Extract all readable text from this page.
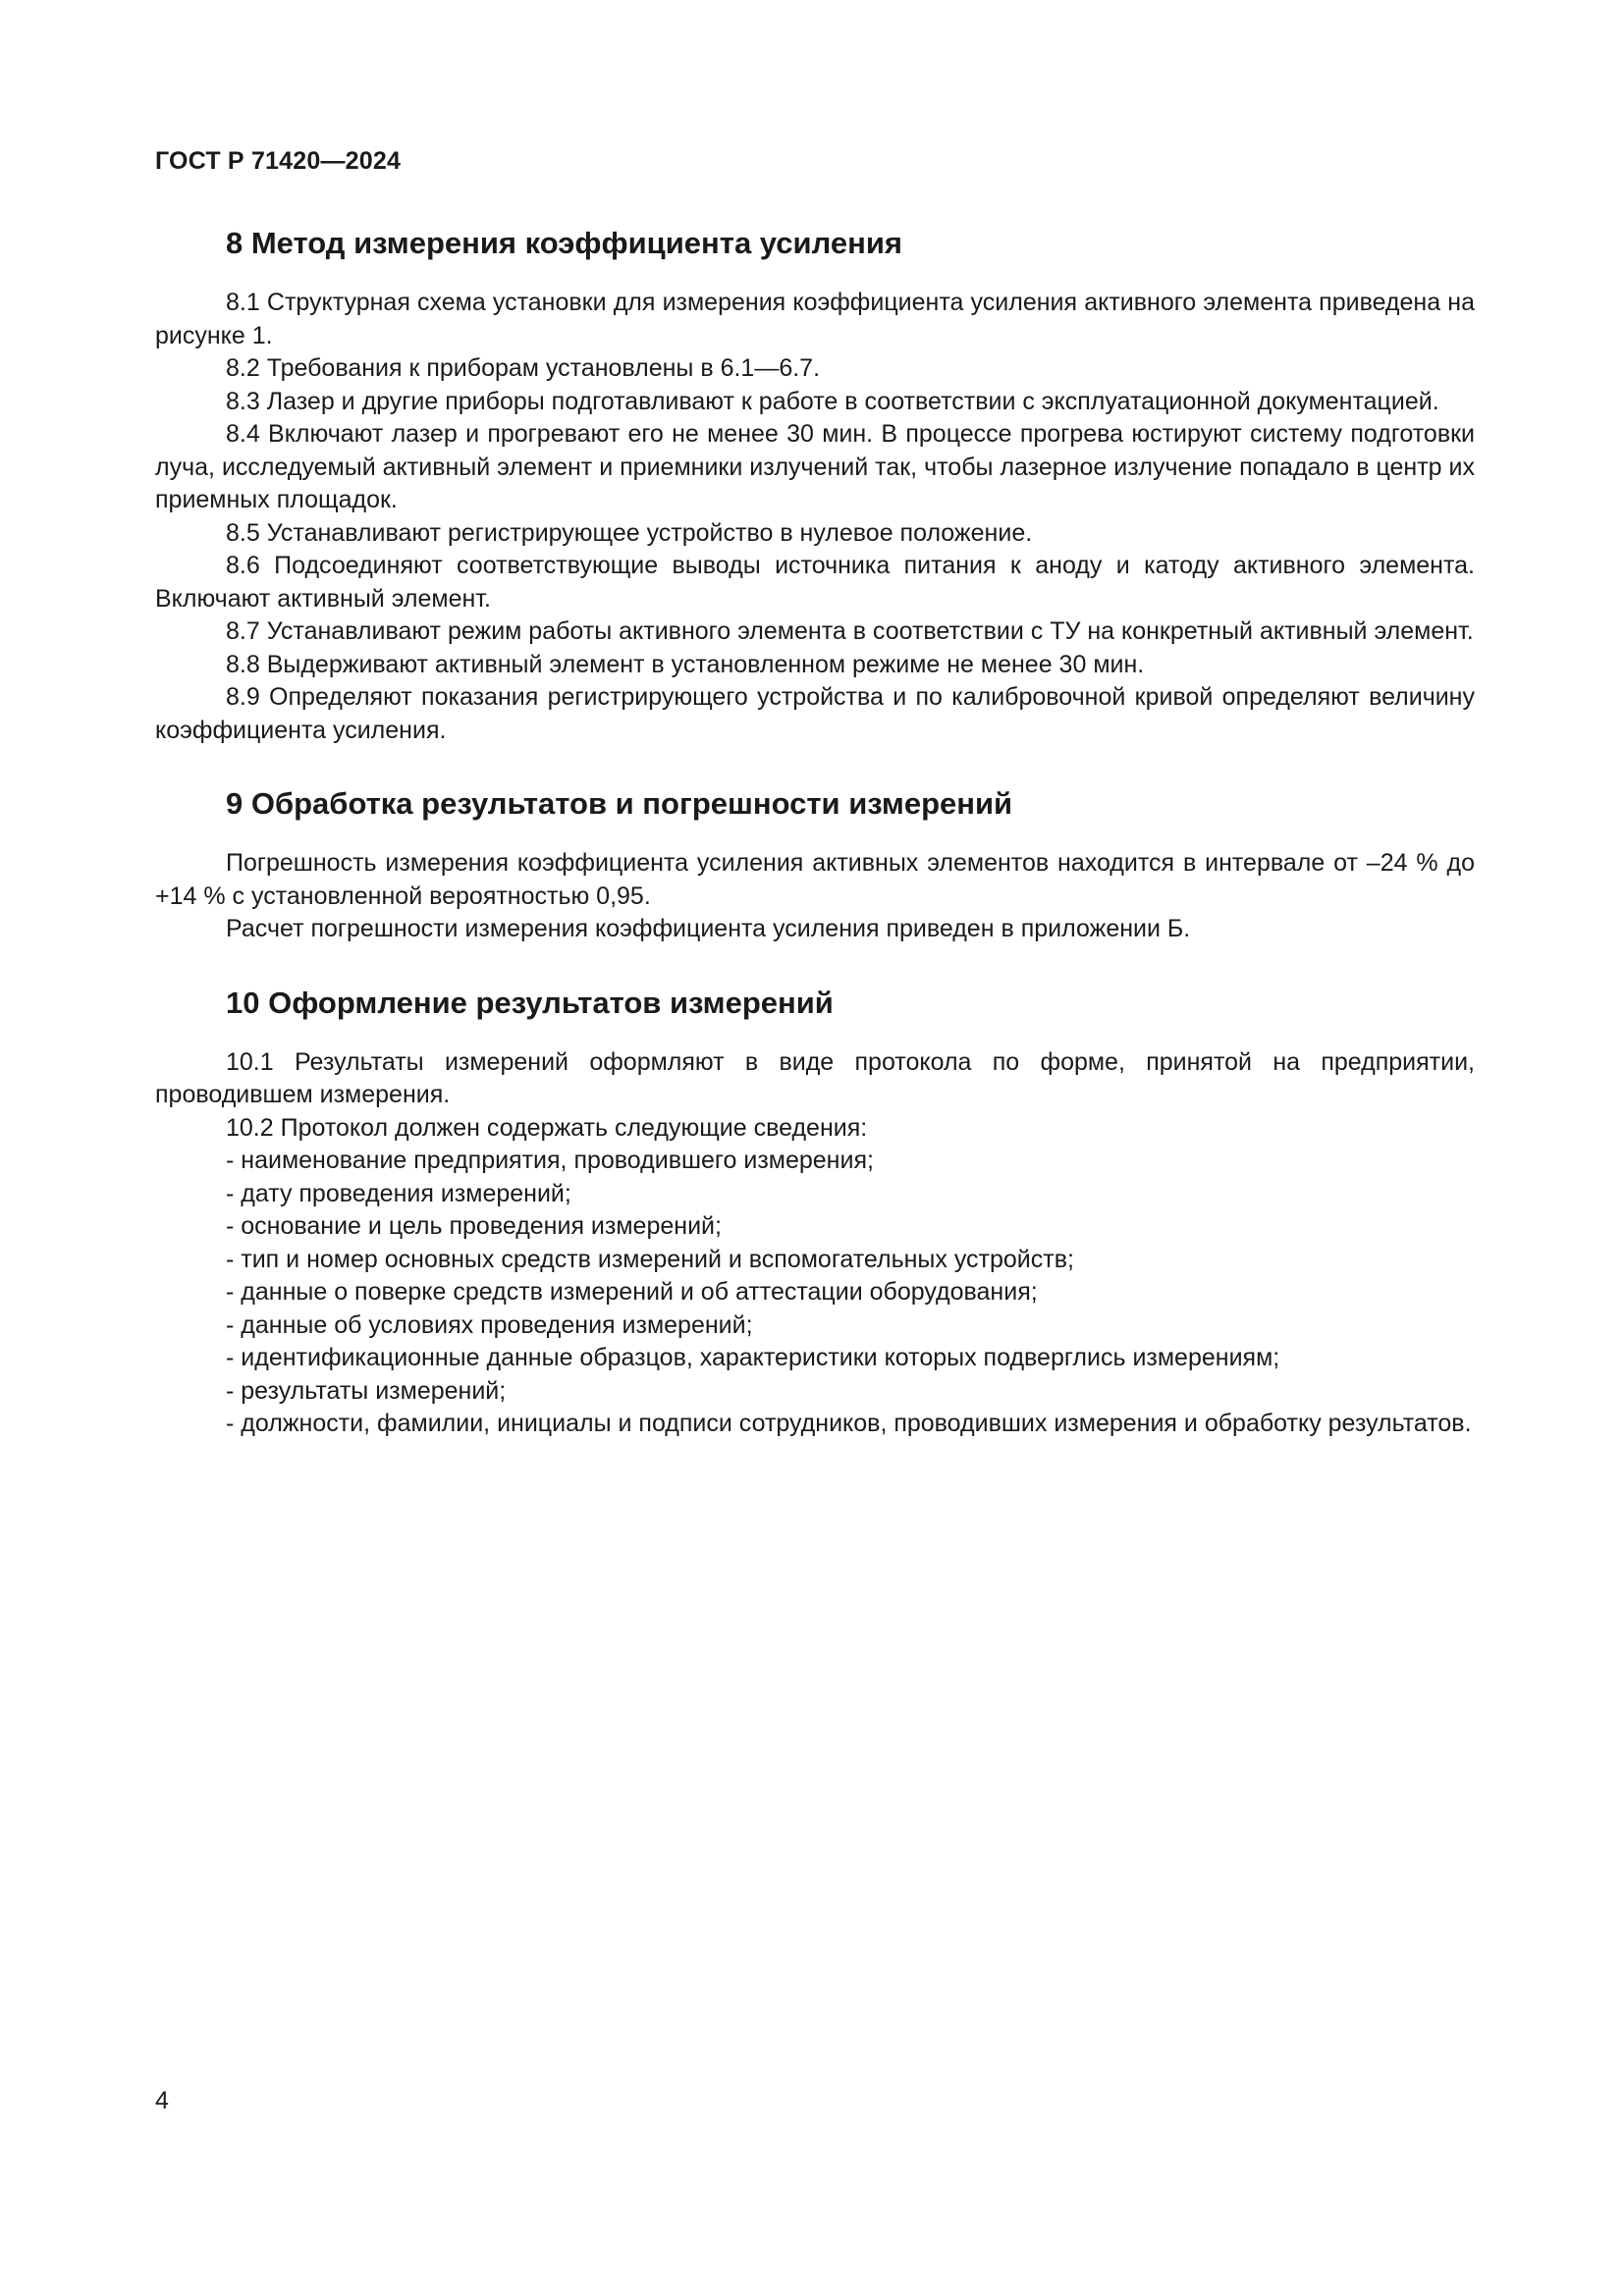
ГОСТ Р 71420—2024
8 Метод измерения коэффициента усиления

8.1 Структурная схема установки для измерения коэффициента усиления активного элемента приведена на рисунке 1.

8.2 Требования к приборам установлены в 6.1—6.7.

8.3 Лазер и другие приборы подготавливают к работе в соответствии с эксплуатационной документацией.

8.4 Включают лазер и прогревают его не менее 30 мин. В процессе прогрева юстируют систему подготовки луча, исследуемый активный элемент и приемники излучений так, чтобы лазерное излучение попадало в центр их приемных площадок.

8.5 Устанавливают регистрирующее устройство в нулевое положение.

8.6 Подсоединяют соответствующие выводы источника питания к аноду и катоду активного элемента. Включают активный элемент.

8.7 Устанавливают режим работы активного элемента в соответствии с ТУ на конкретный активный элемент.

8.8 Выдерживают активный элемент в установленном режиме не менее 30 мин.

8.9 Определяют показания регистрирующего устройства и по калибровочной кривой определяют величину коэффициента усиления.

9 Обработка результатов и погрешности измерений

Погрешность измерения коэффициента усиления активных элементов находится в интервале от –24 % до +14 % с установленной вероятностью 0,95.

Расчет погрешности измерения коэффициента усиления приведен в приложении Б.

10 Оформление результатов измерений

10.1 Результаты измерений оформляют в виде протокола по форме, принятой на предприятии, проводившем измерения.

10.2 Протокол должен содержать следующие сведения:

- наименование предприятия, проводившего измерения;

- дату проведения измерений;

- основание и цель проведения измерений;

- тип и номер основных средств измерений и вспомогательных устройств;

- данные о поверке средств измерений и об аттестации оборудования;

- данные об условиях проведения измерений;

- идентификационные данные образцов, характеристики которых подверглись измерениям;

- результаты измерений;

- должности, фамилии, инициалы и подписи сотрудников, проводивших измерения и обработку результатов.

4
